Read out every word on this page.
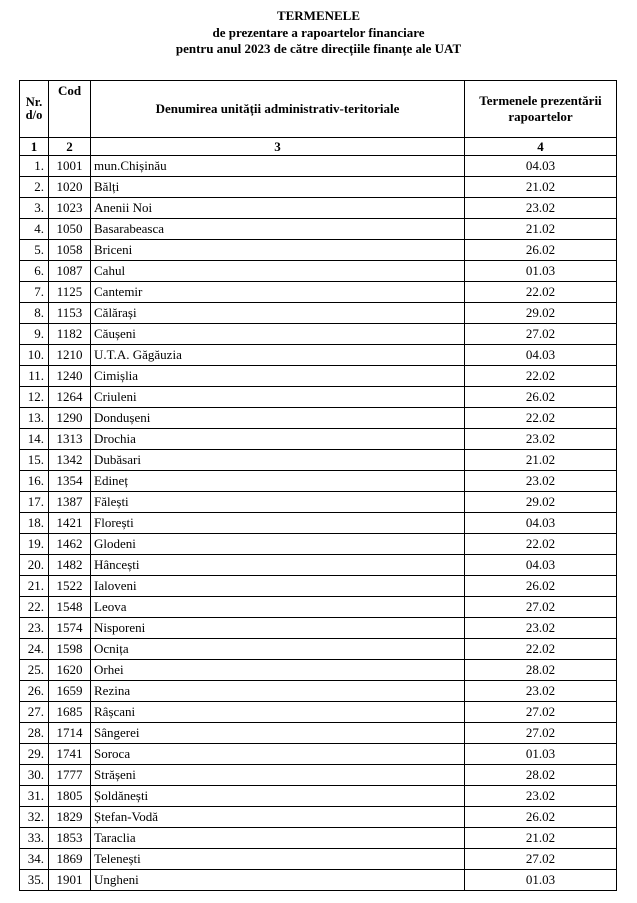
TERMENELE
de prezentare a rapoartelor financiare
pentru anul 2023 de către direcțiile finanțe ale UAT
Nr.
d/o	Cod	Denumirea unității administrativ-teritoriale	Termenele prezentării rapoartelor
1	2	3	4
1.	1001	mun.Chișinău	04.03
2.	1020	Bălți	21.02
3.	1023	Anenii Noi	23.02
4.	1050	Basarabeasca	21.02
5.	1058	Briceni	26.02
6.	1087	Cahul	01.03
7.	1125	Cantemir	22.02
8.	1153	Călărași	29.02
9.	1182	Căușeni	27.02
10.	1210	U.T.A. Găgăuzia	04.03
11.	1240	Cimișlia	22.02
12.	1264	Criuleni	26.02
13.	1290	Dondușeni	22.02
14.	1313	Drochia	23.02
15.	1342	Dubăsari	21.02
16.	1354	Edineț	23.02
17.	1387	Fălești	29.02
18.	1421	Florești	04.03
19.	1462	Glodeni	22.02
20.	1482	Hâncești	04.03
21.	1522	Ialoveni	26.02
22.	1548	Leova	27.02
23.	1574	Nisporeni	23.02
24.	1598	Ocnița	22.02
25.	1620	Orhei	28.02
26.	1659	Rezina	23.02
27.	1685	Râșcani	27.02
28.	1714	Sângerei	27.02
29.	1741	Soroca	01.03
30.	1777	Strășeni	28.02
31.	1805	Șoldănești	23.02
32.	1829	Ștefan-Vodă	26.02
33.	1853	Taraclia	21.02
34.	1869	Telenești	27.02
35.	1901	Ungheni	01.03
